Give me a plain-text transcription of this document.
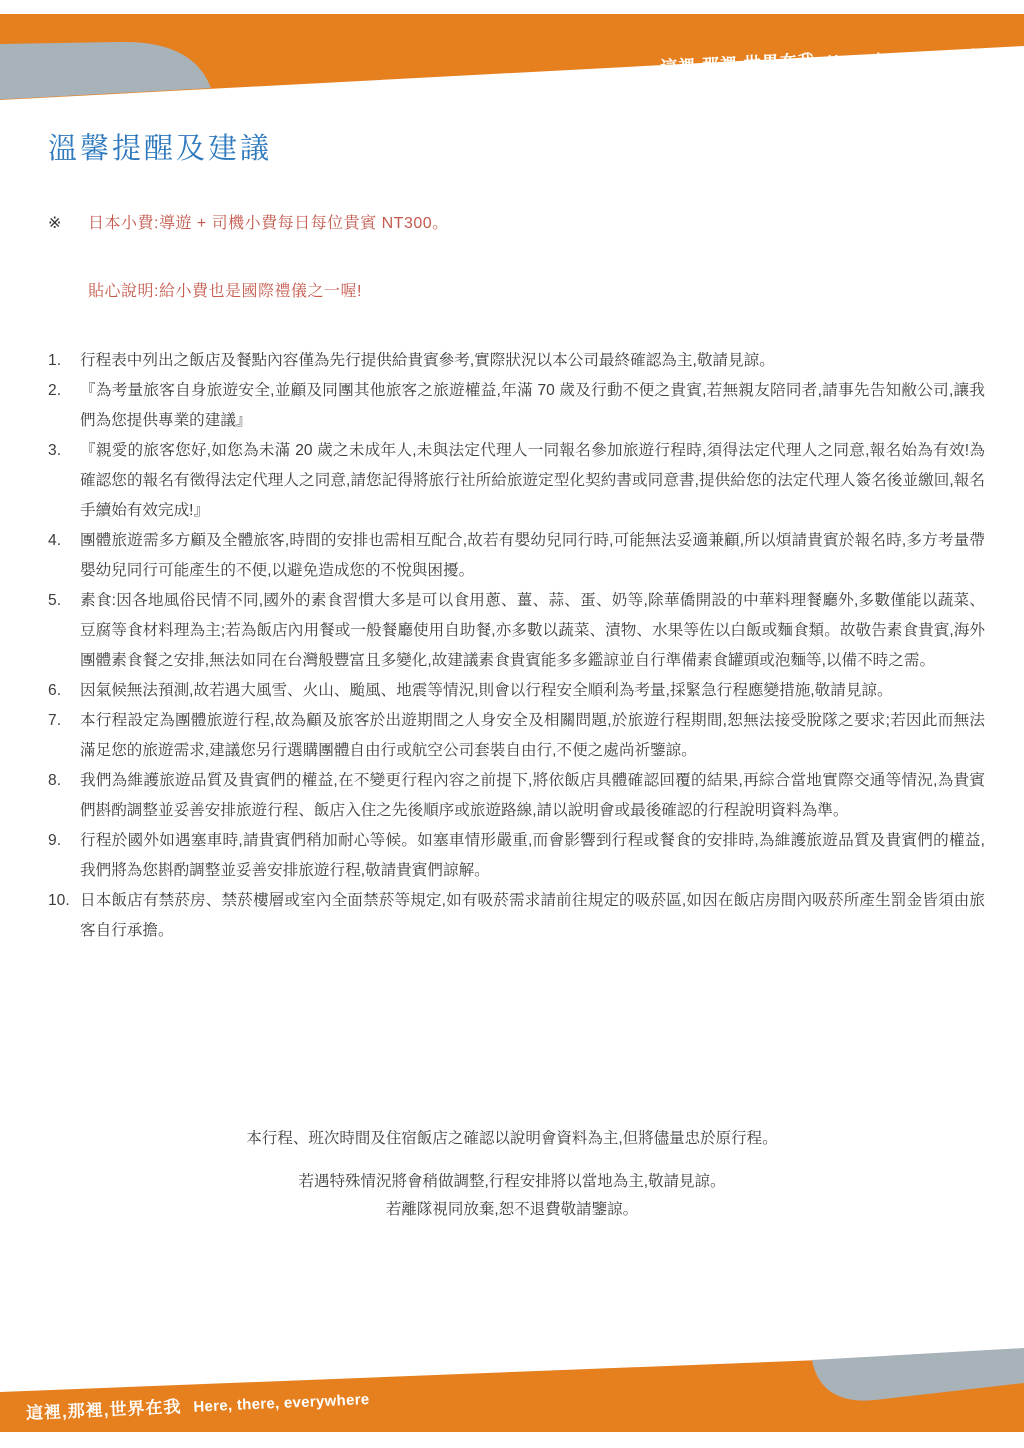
這裡,那裡,世界在我 Here, there, everywhere
溫馨提醒及建議
※	日本小費:導遊 + 司機小費每日每位貴賓 NT300。
貼心說明:給小費也是國際禮儀之一喔!
行程表中列出之飯店及餐點內容僅為先行提供給貴賓參考,實際狀況以本公司最終確認為主,敬請見諒。
『為考量旅客自身旅遊安全,並顧及同團其他旅客之旅遊權益,年滿 70 歲及行動不便之貴賓,若無親友陪同者,請事先告知敝公司,讓我們為您提供專業的建議』
『親愛的旅客您好,如您為未滿 20 歲之未成年人,未與法定代理人一同報名參加旅遊行程時,須得法定代理人之同意,報名始為有效!為確認您的報名有徵得法定代理人之同意,請您記得將旅行社所給旅遊定型化契約書或同意書,提供給您的法定代理人簽名後並繳回,報名手續始有效完成!』
團體旅遊需多方顧及全體旅客,時間的安排也需相互配合,故若有嬰幼兒同行時,可能無法妥適兼顧,所以煩請貴賓於報名時,多方考量帶嬰幼兒同行可能產生的不便,以避免造成您的不悅與困擾。
素食:因各地風俗民情不同,國外的素食習慣大多是可以食用蔥、薑、蒜、蛋、奶等,除華僑開設的中華料理餐廳外,多數僅能以蔬菜、豆腐等食材料理為主;若為飯店內用餐或一般餐廳使用自助餐,亦多數以蔬菜、漬物、水果等佐以白飯或麵食類。故敬告素食貴賓,海外團體素食餐之安排,無法如同在台灣般豐富且多變化,故建議素食貴賓能多多鑑諒並自行準備素食罐頭或泡麵等,以備不時之需。
因氣候無法預測,故若遇大風雪、火山、颱風、地震等情況,則會以行程安全順利為考量,採緊急行程應變措施,敬請見諒。
本行程設定為團體旅遊行程,故為顧及旅客於出遊期間之人身安全及相關問題,於旅遊行程期間,恕無法接受脫隊之要求;若因此而無法滿足您的旅遊需求,建議您另行選購團體自由行或航空公司套裝自由行,不便之處尚祈鑒諒。
我們為維護旅遊品質及貴賓們的權益,在不變更行程內容之前提下,將依飯店具體確認回覆的結果,再綜合當地實際交通等情況,為貴賓們斟酌調整並妥善安排旅遊行程、飯店入住之先後順序或旅遊路線,請以說明會或最後確認的行程說明資料為準。
行程於國外如遇塞車時,請貴賓們稍加耐心等候。如塞車情形嚴重,而會影響到行程或餐食的安排時,為維護旅遊品質及貴賓們的權益,我們將為您斟酌調整並妥善安排旅遊行程,敬請貴賓們諒解。
日本飯店有禁菸房、禁菸樓層或室內全面禁菸等規定,如有吸菸需求請前往規定的吸菸區,如因在飯店房間內吸菸所產生罰金皆須由旅客自行承擔。

本行程、班次時間及住宿飯店之確認以說明會資料為主,但將儘量忠於原行程。

若遇特殊情況將會稍做調整,行程安排將以當地為主,敬請見諒。

若離隊視同放棄,恕不退費敬請鑒諒。

這裡,那裡,世界在我 Here, there, everywhere
